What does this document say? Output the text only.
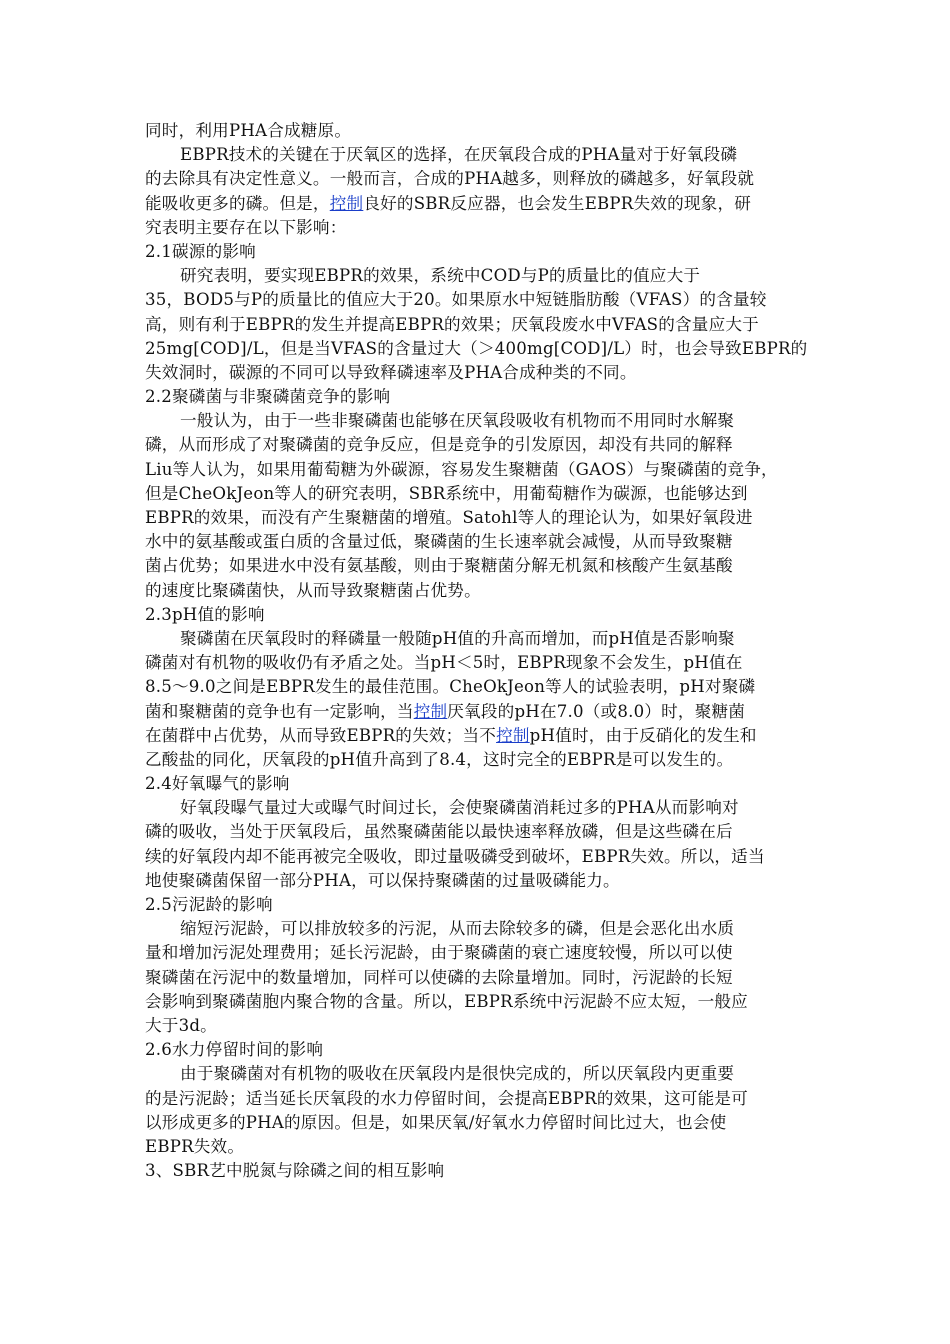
同时，利用PHA合成糖原。
EBPR技术的关键在于厌氧区的选择，在厌氧段合成的PHA量对于好氧段磷
的去除具有决定性意义。一般而言，合成的PHA越多，则释放的磷越多，好氧段就
能吸收更多的磷。但是，控制良好的SBR反应器，也会发生EBPR失效的现象，研
究表明主要存在以下影响：
2.1碳源的影响
研究表明，要实现EBPR的效果，系统中COD与P的质量比的值应大于
35，BOD5与P的质量比的值应大于20。如果原水中短链脂肪酸（VFAS）的含量较
高，则有利于EBPR的发生并提高EBPR的效果；厌氧段废水中VFAS的含量应大于
25mg[COD]/L，但是当VFAS的含量过大（＞400mg[COD]/L）时，也会导致EBPR的
失效洞时，碳源的不同可以导致释磷速率及PHA合成种类的不同。
2.2聚磷菌与非聚磷菌竞争的影响
一般认为，由于一些非聚磷菌也能够在厌氧段吸收有机物而不用同时水解聚
磷，从而形成了对聚磷菌的竞争反应，但是竞争的引发原因，却没有共同的解释
Liu等人认为，如果用葡萄糖为外碳源，容易发生聚糖菌（GAOS）与聚磷菌的竞争，
但是CheOkJeon等人的研究表明，SBR系统中，用葡萄糖作为碳源，也能够达到
EBPR的效果，而没有产生聚糖菌的增殖。Satohl等人的理论认为，如果好氧段进
水中的氨基酸或蛋白质的含量过低，聚磷菌的生长速率就会减慢，从而导致聚糖
菌占优势；如果进水中没有氨基酸，则由于聚糖菌分解无机氮和核酸产生氨基酸
的速度比聚磷菌快，从而导致聚糖菌占优势。
2.3pH值的影响
聚磷菌在厌氧段时的释磷量一般随pH值的升高而增加，而pH值是否影响聚
磷菌对有机物的吸收仍有矛盾之处。当pH＜5时，EBPR现象不会发生，pH值在
8.5～9.0之间是EBPR发生的最佳范围。CheOkJeon等人的试验表明，pH对聚磷
菌和聚糖菌的竞争也有一定影响，当控制厌氧段的pH在7.0（或8.0）时，聚糖菌
在菌群中占优势，从而导致EBPR的失效；当不控制pH值时，由于反硝化的发生和
乙酸盐的同化，厌氧段的pH值升高到了8.4，这时完全的EBPR是可以发生的。
2.4好氧曝气的影响
好氧段曝气量过大或曝气时间过长，会使聚磷菌消耗过多的PHA从而影响对
磷的吸收，当处于厌氧段后，虽然聚磷菌能以最快速率释放磷，但是这些磷在后
续的好氧段内却不能再被完全吸收，即过量吸磷受到破坏，EBPR失效。所以，适当
地使聚磷菌保留一部分PHA，可以保持聚磷菌的过量吸磷能力。
2.5污泥龄的影响
缩短污泥龄，可以排放较多的污泥，从而去除较多的磷，但是会恶化出水质
量和增加污泥处理费用；延长污泥龄，由于聚磷菌的衰亡速度较慢，所以可以使
聚磷菌在污泥中的数量增加，同样可以使磷的去除量增加。同时，污泥龄的长短
会影响到聚磷菌胞内聚合物的含量。所以，EBPR系统中污泥龄不应太短，一般应
大于3d。
2.6水力停留时间的影响
由于聚磷菌对有机物的吸收在厌氧段内是很快完成的，所以厌氧段内更重要
的是污泥龄；适当延长厌氧段的水力停留时间，会提高EBPR的效果，这可能是可
以形成更多的PHA的原因。但是，如果厌氧/好氧水力停留时间比过大，也会使
EBPR失效。
3、SBR艺中脱氮与除磷之间的相互影响
